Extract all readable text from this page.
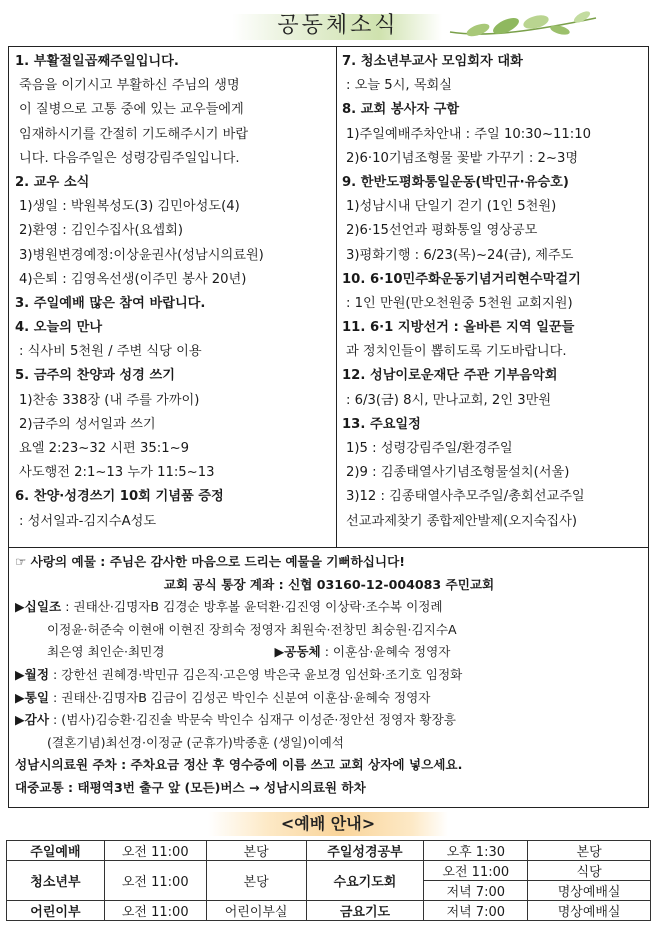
공동체소식
1. 부활절일곱째주일입니다.
죽음을 이기시고 부활하신 주님의 생명
이 질병으로 고통 중에 있는 교우들에게
임재하시기를 간절히 기도해주시기 바랍
니다. 다음주일은 성령강림주일입니다.
2. 교우 소식
1)생일 : 박원복성도(3) 김민아성도(4)
2)환영 : 김인수집사(요셉회)
3)병원변경예정:이상윤권사(성남시의료원)
4)은퇴 : 김영옥선생(이주민 봉사 20년)
3. 주일예배 많은 참여 바랍니다.
4. 오늘의 만나
: 식사비 5천원 / 주변 식당 이용
5. 금주의 찬양과 성경 쓰기
1)찬송 338장 (내 주를 가까이)
2)금주의 성서일과 쓰기
요엘 2:23~32 시편 35:1~9
사도행전 2:1~13 누가 11:5~13
6. 찬양·성경쓰기 10회 기념품 증정
: 성서일과-김지수A성도
7. 청소년부교사 모임회자 대화
: 오늘 5시, 목회실
8. 교회 봉사자 구함
1)주일예배주차안내 : 주일 10:30~11:10
2)6·10기념조형물 꽃밭 가꾸기 : 2~3명
9. 한반도평화통일운동(박민규·유승호)
1)성남시내 단일기 걷기 (1인 5천원)
2)6·15선언과 평화통일 영상공모
3)평화기행 : 6/23(목)~24(금), 제주도
10. 6·10민주화운동기념거리현수막걸기
: 1인 만원(만오천원중 5천원 교회지원)
11. 6·1 지방선거 : 올바른 지역 일꾼들
과 정치인들이 뽑히도록 기도바랍니다.
12. 성남이로운재단 주관 기부음악회
: 6/3(금) 8시, 만나교회, 2인 3만원
13. 주요일정
1)5 : 성령강림주일/환경주일
2)9 : 김종태열사기념조형물설치(서울)
3)12 : 김종태열사추모주일/총회선교주일
선교과제찾기 종합제안발제(오지숙집사)
☞ 사랑의 예물 : 주님은 감사한 마음으로 드리는 예물을 기뻐하십니다!
교회 공식 통장 계좌 : 신협 03160-12-004083 주민교회
▶십일조 : 권태산·김명자B 김경순 방후볼 윤덕환·김진영 이상락·조수복 이정례
이정윤·허준숙 이현애 이현진 장희숙 정영자 최원숙·전창민 최숭원·김지수A
최은영 최인순·최민경	▶공동체 : 이훈삼·윤혜숙 정영자
▶월정 : 강한선 권혜경·박민규 김은직·고은영 박은국 윤보경 임선화·조기호 임정화
▶통일 : 권태산·김명자B 김금이 김성곤 박인수 신분여 이훈삼·윤혜숙 정영자
▶감사 : (범사)김승환·김진솔 박문숙 박인수 심재구 이성준·정안선 정영자 황장흥
(결혼기념)최선경·이정균 (군휴가)박종훈 (생일)이예석
성남시의료원 주차 : 주차요금 정산 후 영수증에 이름 쓰고 교회 상자에 넣으세요.
대중교통 : 태평역3번 출구 앞 (모든)버스 → 성남시의료원 하차
<예배 안내>
주일예배	오전 11:00	본당	주일성경공부	오후 1:30	본당
청소년부	오전 11:00	본당	수요기도회	오전 11:00	식당
				저녁 7:00	명상예배실
어린이부	오전 11:00	어린이부실	금요기도	저녁 7:00	명상예배실
